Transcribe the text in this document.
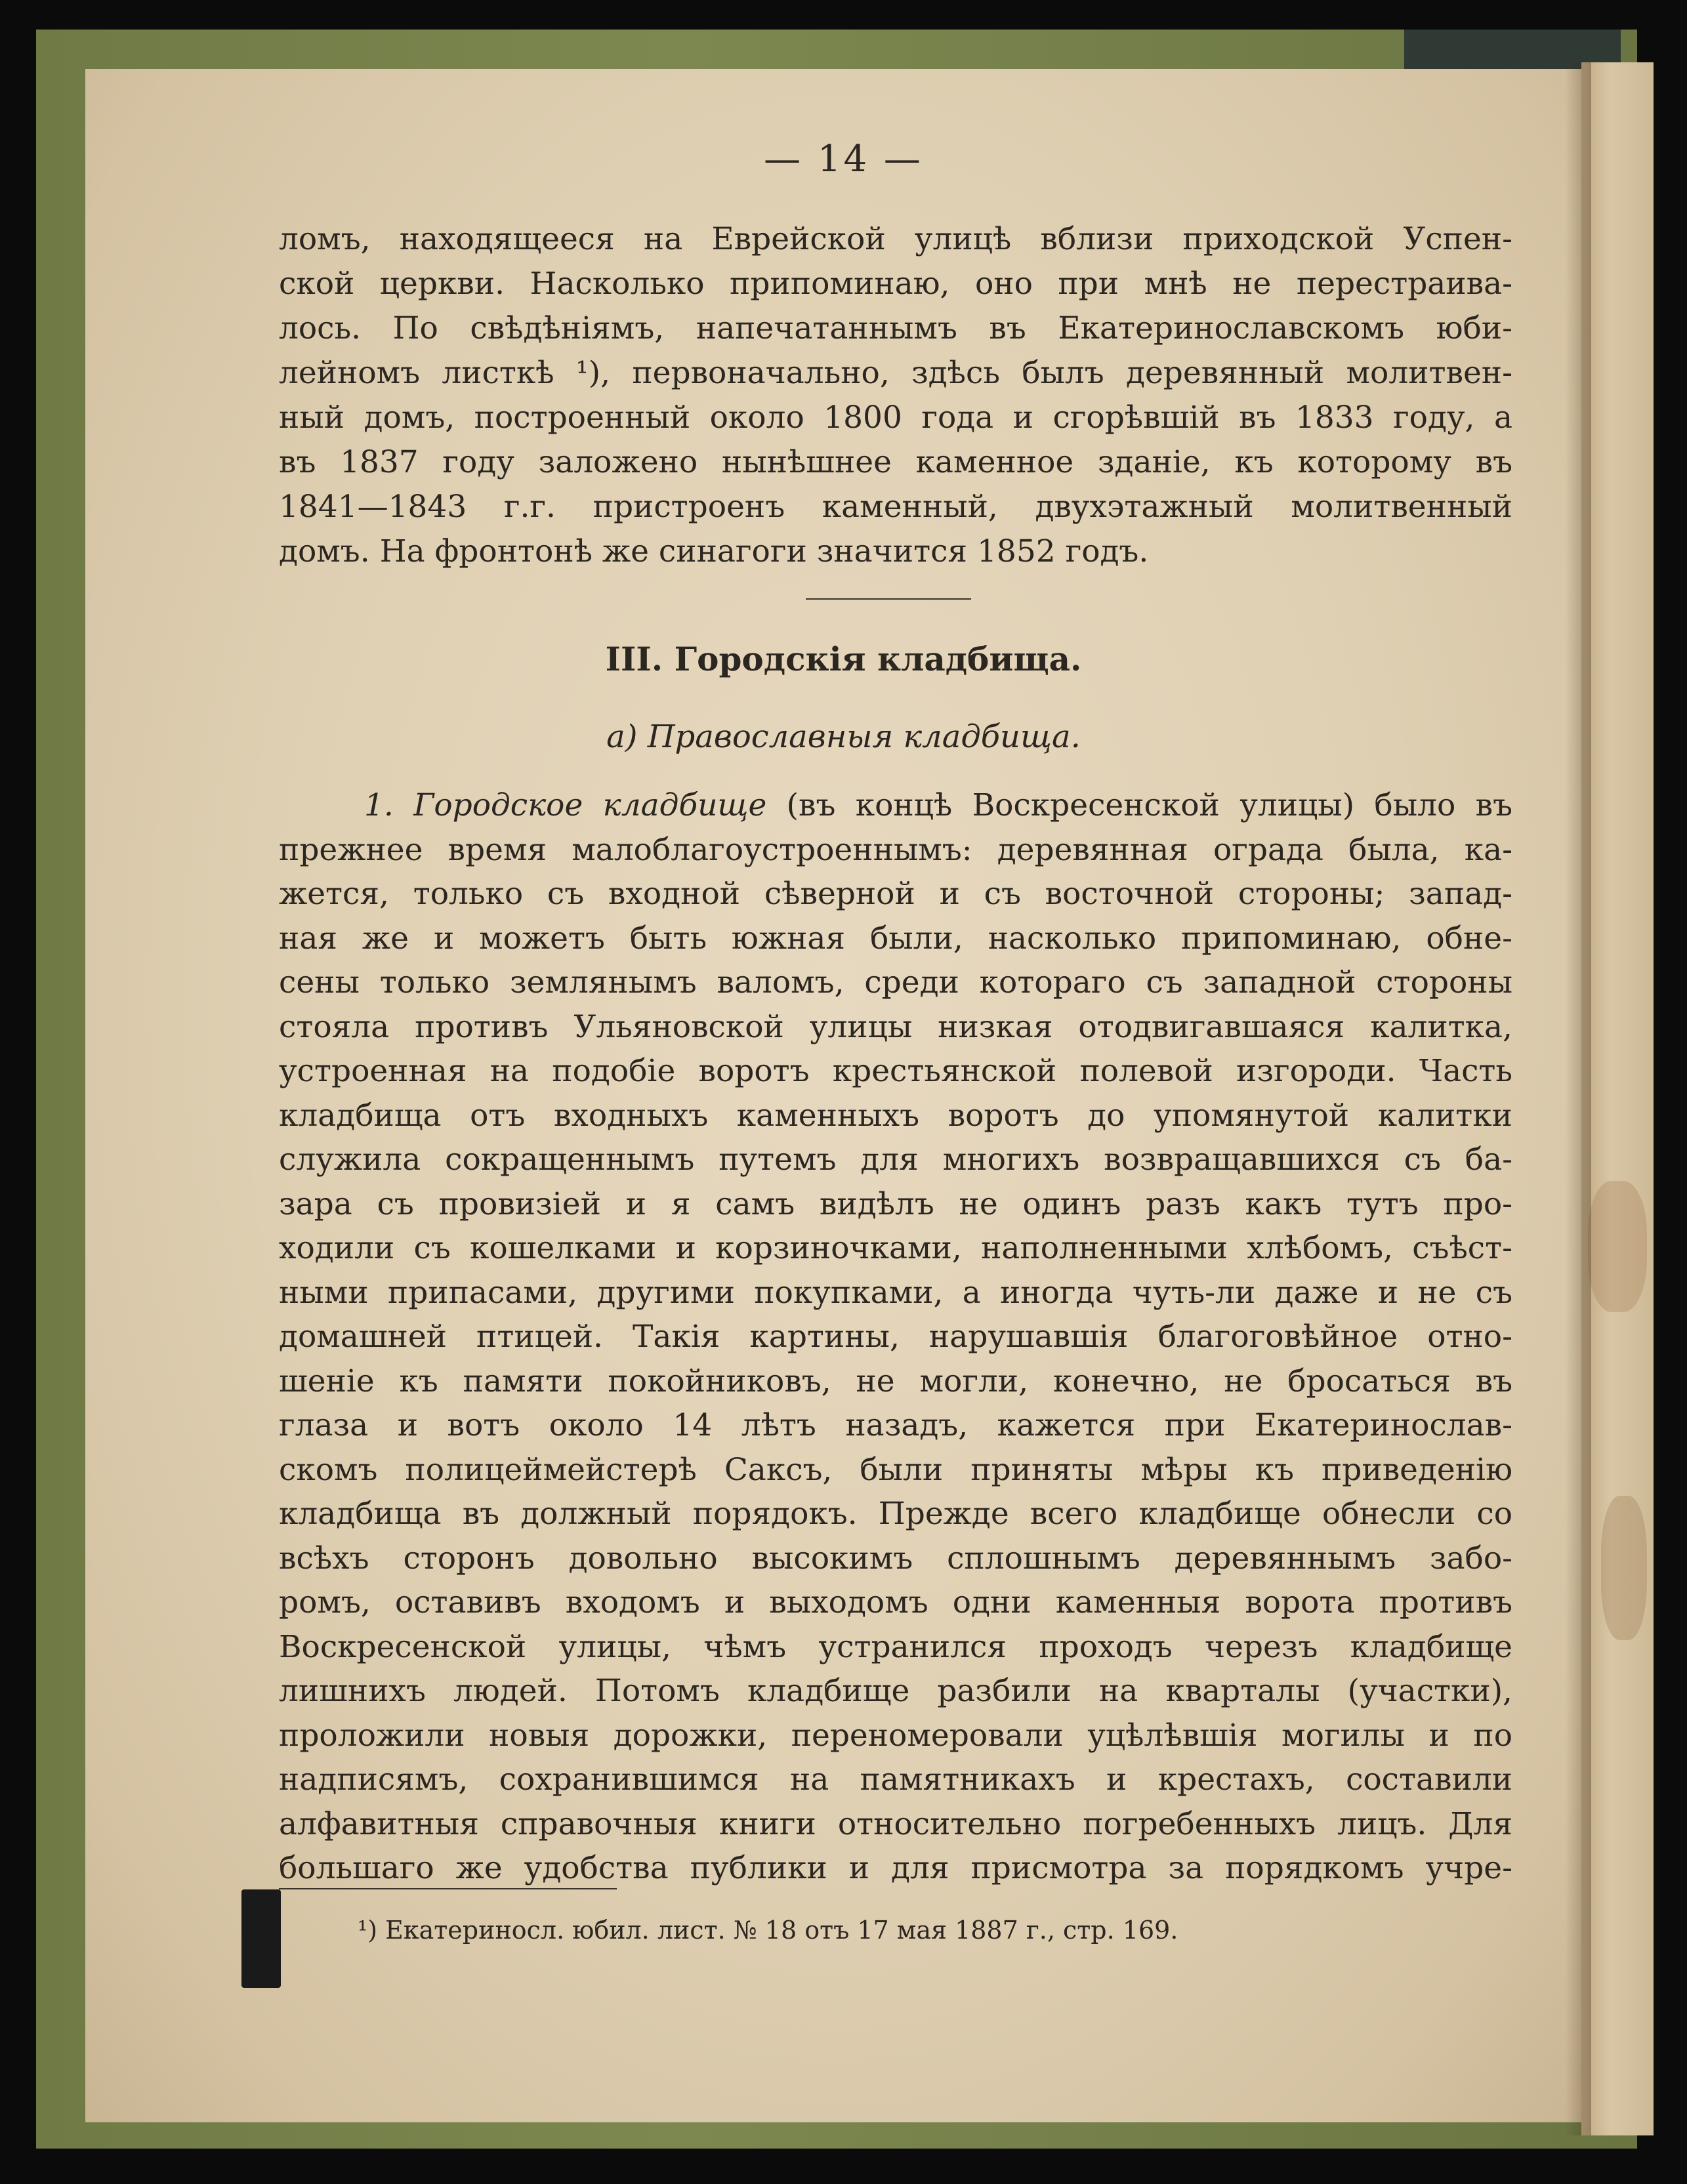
— 14 —
ломъ, находящееся на Еврейской улицѣ вблизи приходской Успен-
ской церкви. Насколько припоминаю, оно при мнѣ не перестраива-
лось. По свѣдѣніямъ, напечатаннымъ въ Екатеринославскомъ юби-
лейномъ листкѣ ¹), первоначально, здѣсь былъ деревянный молитвен-
ный домъ, построенный около 1800 года и сгорѣвшій въ 1833 году, а
въ 1837 году заложено нынѣшнее каменное зданіе, къ которому въ
1841—1843 г.г. пристроенъ каменный, двухэтажный молитвенный
домъ. На фронтонѣ же синагоги значится 1852 годъ.
III. Городскія кладбища.
а) Православныя кладбища.
1. Городское кладбище (въ концѣ Воскресенской улицы) было въ
прежнее время малоблагоустроеннымъ: деревянная ограда была, ка-
жется, только съ входной сѣверной и съ восточной стороны; запад-
ная же и можетъ быть южная были, насколько припоминаю, обне-
сены только землянымъ валомъ, среди котораго съ западной стороны
стояла противъ Ульяновской улицы низкая отодвигавшаяся калитка,
устроенная на подобіе воротъ крестьянской полевой изгороди. Часть
кладбища отъ входныхъ каменныхъ воротъ до упомянутой калитки
служила сокращеннымъ путемъ для многихъ возвращавшихся съ ба-
зара съ провизіей и я самъ видѣлъ не одинъ разъ какъ тутъ про-
ходили съ кошелками и корзиночками, наполненными хлѣбомъ, съѣст-
ными припасами, другими покупками, а иногда чуть-ли даже и не съ
домашней птицей. Такія картины, нарушавшія благоговѣйное отно-
шеніе къ памяти покойниковъ, не могли, конечно, не бросаться въ
глаза и вотъ около 14 лѣтъ назадъ, кажется при Екатеринослав-
скомъ полицеймейстерѣ Саксъ, были приняты мѣры къ приведенію
кладбища въ должный порядокъ. Прежде всего кладбище обнесли со
всѣхъ сторонъ довольно высокимъ сплошнымъ деревяннымъ забо-
ромъ, оставивъ входомъ и выходомъ одни каменныя ворота противъ
Воскресенской улицы, чѣмъ устранился проходъ черезъ кладбище
лишнихъ людей. Потомъ кладбище разбили на кварталы (участки),
проложили новыя дорожки, переномеровали уцѣлѣвшія могилы и по
надписямъ, сохранившимся на памятникахъ и крестахъ, составили
алфавитныя справочныя книги относительно погребенныхъ лицъ. Для
большаго же удобства публики и для присмотра за порядкомъ учре-
¹) Екатериносл. юбил. лист. № 18 отъ 17 мая 1887 г., стр. 169.
